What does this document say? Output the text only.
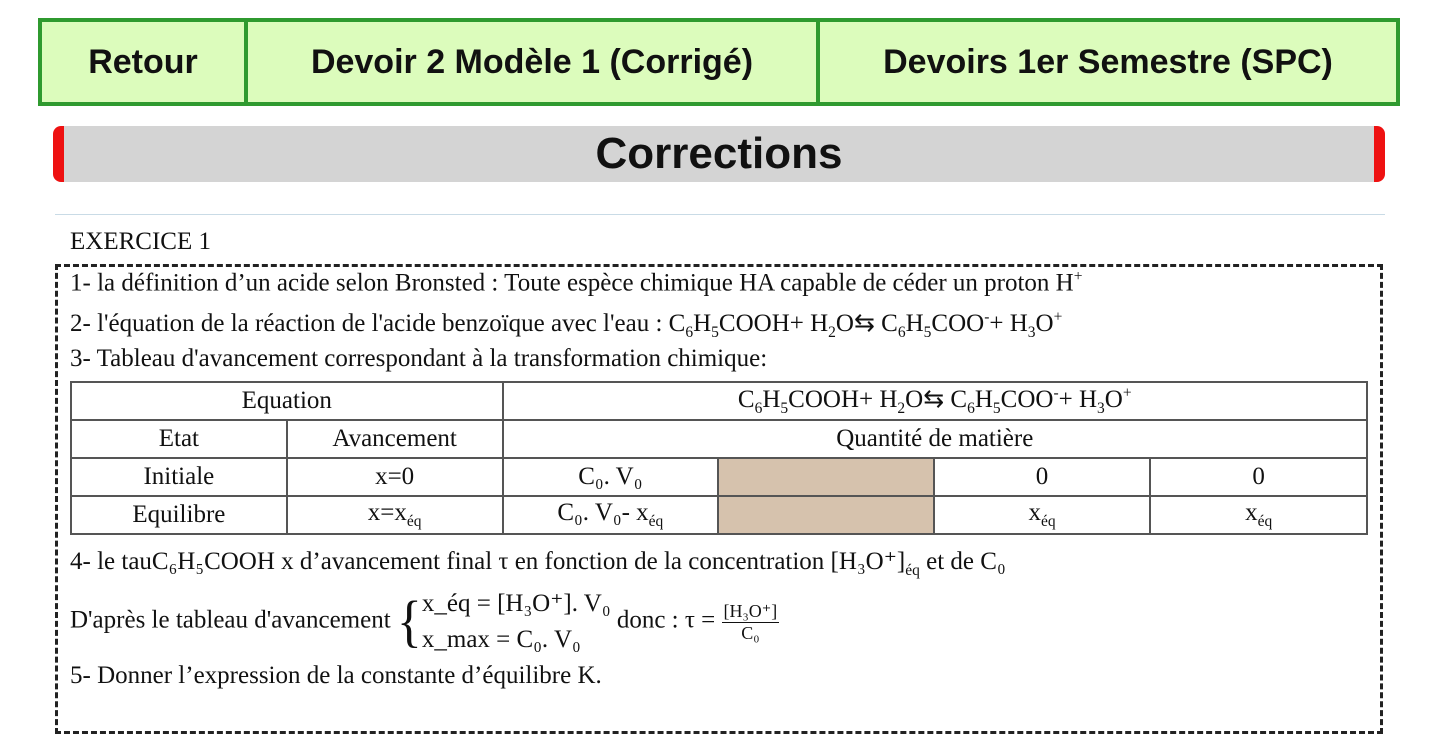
Retour	Devoir 2 Modèle 1 (Corrigé)	Devoirs 1er Semestre (SPC)
Corrections
EXERCICE 1
1- la définition d’un acide selon Bronsted : Toute espèce chimique HA capable de céder un proton H+
2- l'équation de la réaction de l'acide benzoïque avec l'eau : $C_6H_5COOH+$ $H_2O⇆$ $C_6H_5COO^-+ H_3O^+$
3- Tableau d'avancement correspondant à la transformation chimique:
Equation		$C_6H_5COOH+$ $H_2O⇆$ $C_6H_5COO^-+ H_3O^+$
Etat	Avancement	Quantité de matière			
Initiale	x=0	C₀. V₀		0	0
Equilibre	$x=x_{éq}$	C₀. V₀- $x_{éq}$		$x_{éq}$	$x_{éq}$
4- le tauC₆H₅COOH x d’avancement final τ en fonction de la concentration $[H_3O^+]_{éq}$ et de C₀
D'après le tableau d'avancement {x_éq = [H₃O⁺]. V₀
x_max = C₀. V₀ donc : $\tau = \frac{\text{[H₃O⁺]}}{\text{C₀}}$
5- Donner l’expression de la constante d’équilibre K.
